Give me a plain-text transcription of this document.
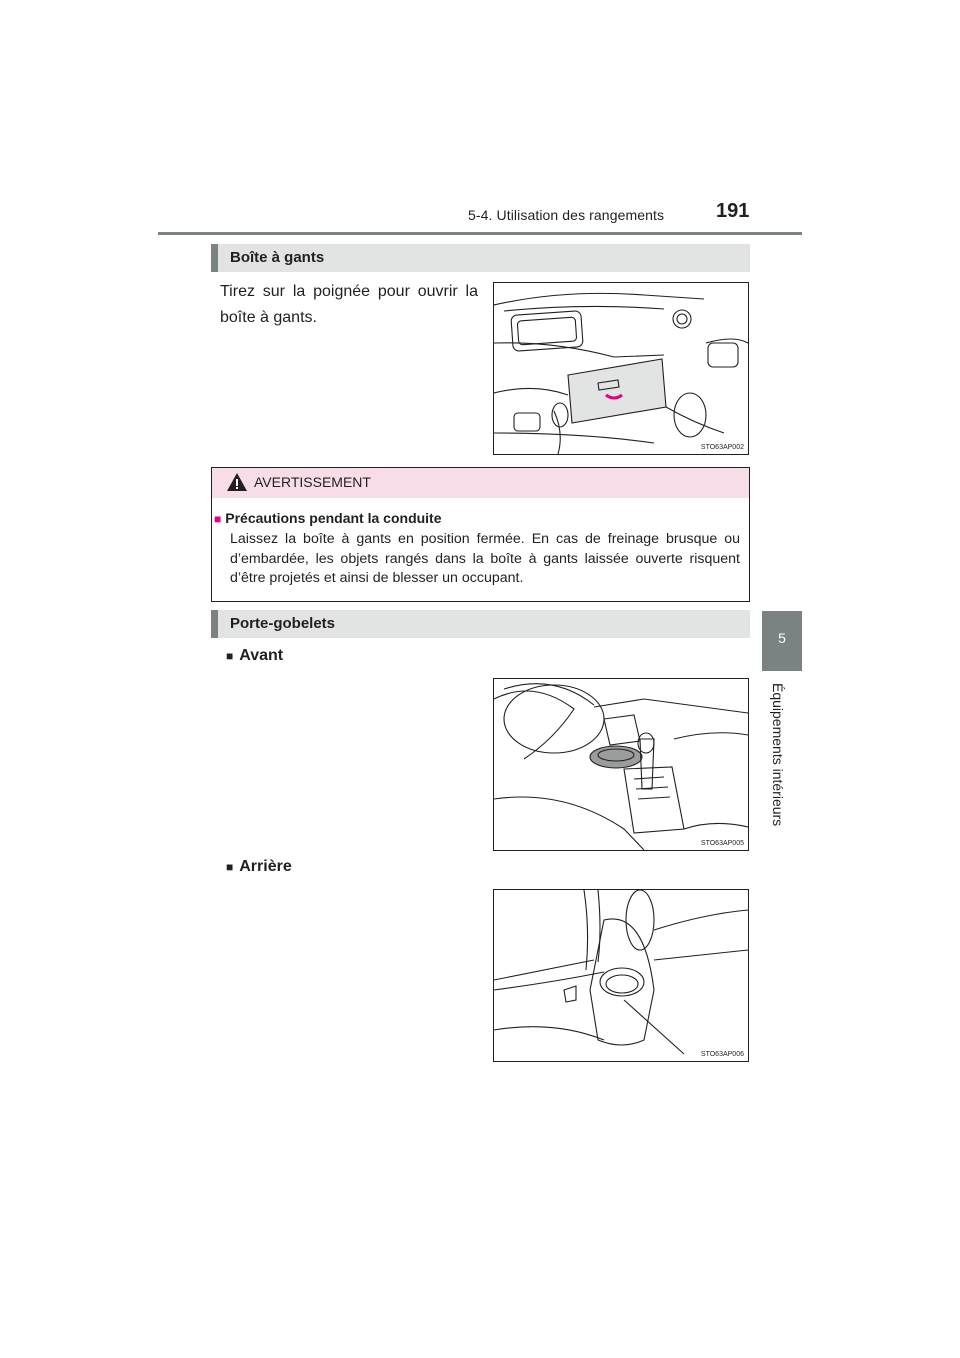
5-4. Utilisation des rangements	191
5
Équipements intérieurs
Boîte à gants
Tirez sur la poignée pour ouvrir la boîte à gants.
STO63AP002
AVERTISSEMENT
■ Précautions pendant la conduite
Laissez la boîte à gants en position fermée. En cas de freinage brusque ou d’embardée, les objets rangés dans la boîte à gants laissée ouverte risquent d’être projetés et ainsi de blesser un occupant.
Porte-gobelets
■ Avant
STO63AP005
■ Arrière
STO63AP006
